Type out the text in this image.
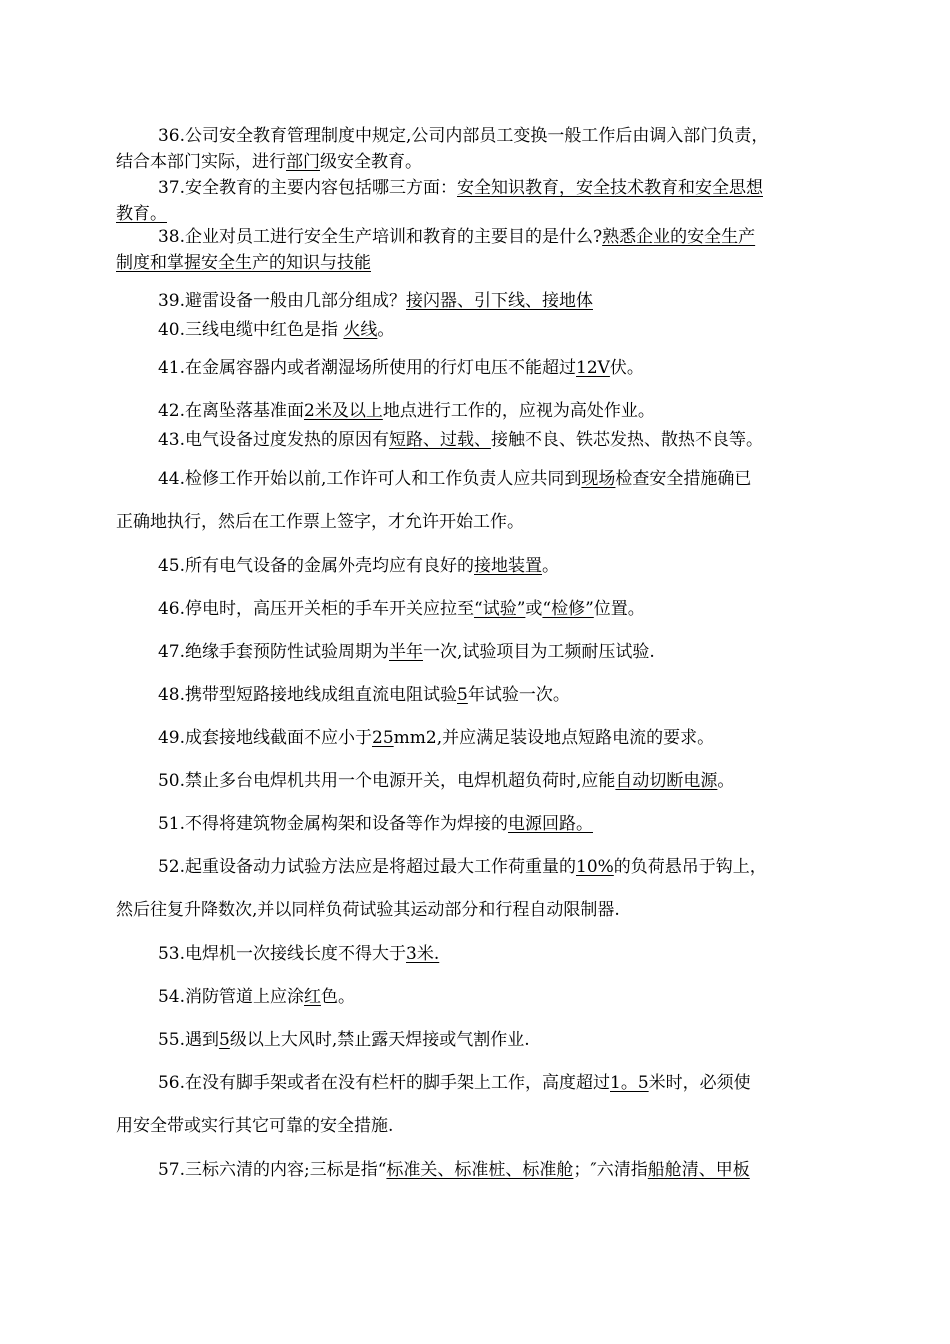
36.公司安全教育管理制度中规定,公司内部员工变换一般工作后由调入部门负责，
结合本部门实际，进行部门级安全教育。
37.安全教育的主要内容包括哪三方面：安全知识教育，安全技术教育和安全思想
教育。
38.企业对员工进行安全生产培训和教育的主要目的是什么?熟悉企业的安全生产
制度和掌握安全生产的知识与技能
39.避雷设备一般由几部分组成？接闪器、引下线、接地体
40.三线电缆中红色是指 火线。
41.在金属容器内或者潮湿场所使用的行灯电压不能超过12V伏。
42.在离坠落基准面2米及以上地点进行工作的，应视为高处作业。
43.电气设备过度发热的原因有短路、过载、接触不良、铁芯发热、散热不良等。
44.检修工作开始以前,工作许可人和工作负责人应共同到现场检查安全措施确已
正确地执行，然后在工作票上签字，才允许开始工作。
45.所有电气设备的金属外壳均应有良好的接地装置。
46.停电时，高压开关柜的手车开关应拉至“试验”或“检修”位置。
47.绝缘手套预防性试验周期为半年一次,试验项目为工频耐压试验.
48.携带型短路接地线成组直流电阻试验5年试验一次。
49.成套接地线截面不应小于25mm2,并应满足装设地点短路电流的要求。
50.禁止多台电焊机共用一个电源开关，电焊机超负荷时,应能自动切断电源。
51.不得将建筑物金属构架和设备等作为焊接的电源回路。
52.起重设备动力试验方法应是将超过最大工作荷重量的10%的负荷悬吊于钩上，
然后往复升降数次,并以同样负荷试验其运动部分和行程自动限制器.
53.电焊机一次接线长度不得大于3米.
54.消防管道上应涂红色。
55.遇到5级以上大风时,禁止露天焊接或气割作业.
56.在没有脚手架或者在没有栏杆的脚手架上工作，高度超过1。5米时，必须使
用安全带或实行其它可靠的安全措施.
57.三标六清的内容;三标是指“标准关、标准桩、标准舱；″六清指船舱清、甲板
